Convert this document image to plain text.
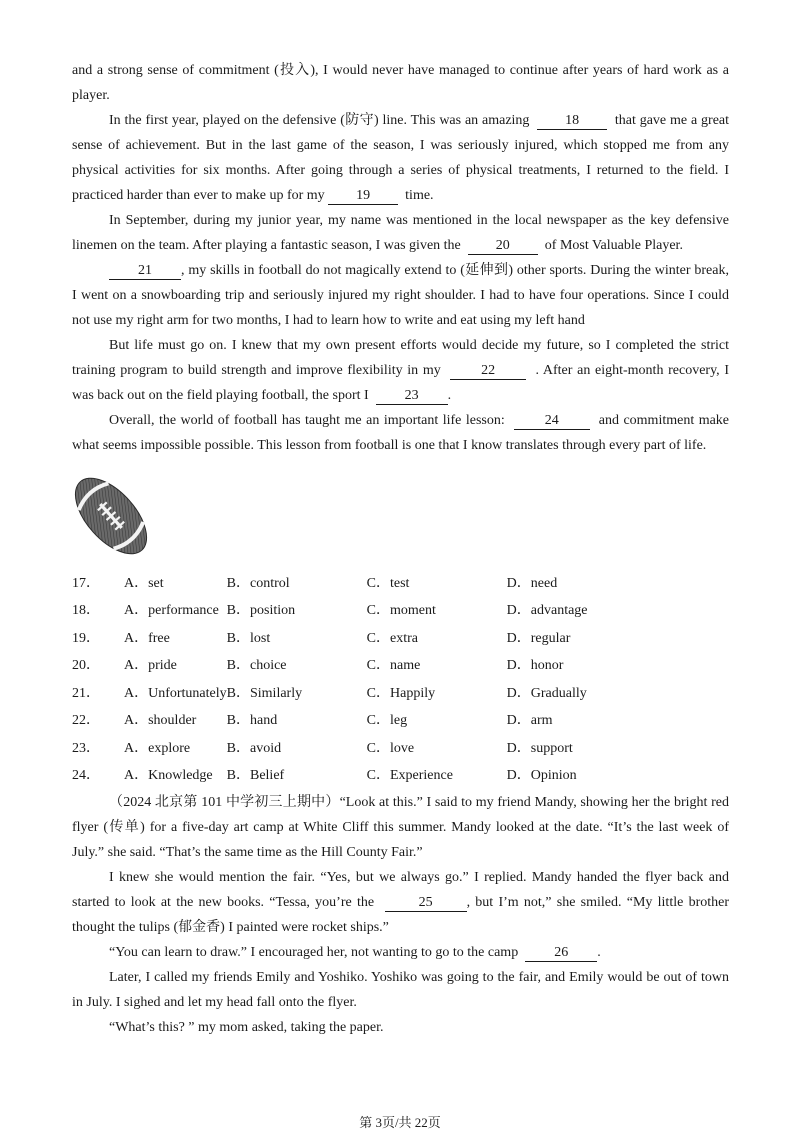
and a strong sense of commitment (投入), I would never have managed to continue after years of hard work as a player.

In the first year, played on the defensive (防守) line. This was an amazing	18	that gave me a great sense of achievement. But in the last game of the season, I was seriously injured, which stopped me from any physical activities for six months. After going through a series of physical treatments, I returned to the field. I practiced harder than ever to make up for my 19	time.

In September, during my junior year, my name was mentioned in the local newspaper as the key defensive linemen on the team. After playing a fantastic season, I was given the	20	of Most Valuable Player.

21 , my skills in football do not magically extend to (延伸到) other sports. During the winter break, I went on a snowboarding trip and seriously injured my right shoulder. I had to have four operations. Since I could not use my right arm for two months, I had to learn how to write and eat using my left hand

But life must go on. I knew that my own present efforts would decide my future, so I completed the strict training program to build strength and improve flexibility in my	22	. After an eight-month recovery, I was back out on the field playing football, the sport I	23 .

Overall, the world of football has taught me an important life lesson:	24	and commitment make what seems impossible possible. This lesson from football is one that I know translates through every part of life.

17．	A．set	B．control	C．test	D．need
18．	A．performance	B．position	C．moment	D．advantage
19．	A．free	B．lost	C．extra	D．regular
20．	A．pride	B．choice	C．name	D．honor
21．	A．Unfortunately	B．Similarly	C．Happily	D．Gradually
22．	A．shoulder	B．hand	C．leg	D．arm
23．	A．explore	B．avoid	C．love	D．support
24．	A．Knowledge	B．Belief	C．Experience	D．Opinion

（2024 北京第 101 中学初三上期中）“Look at this.” I said to my friend Mandy, showing her the bright red flyer (传单) for a five-day art camp at White Cliff this summer. Mandy looked at the date. “It’s the last week of July.” she said. “That’s the same time as the Hill County Fair.”

I knew she would mention the fair. “Yes, but we always go.” I replied. Mandy handed the flyer back and started to look at the new books. “Tessa, you’re the	25 , but I’m not,” she smiled. “My little brother thought the tulips (郁金香) I painted were rocket ships.”

“You can learn to draw.” I encouraged her, not wanting to go to the camp	26 .

Later, I called my friends Emily and Yoshiko. Yoshiko was going to the fair, and Emily would be out of town in July. I sighed and let my head fall onto the flyer.

“What’s this? ” my mom asked, taking the paper.

第 3页/共 22页
